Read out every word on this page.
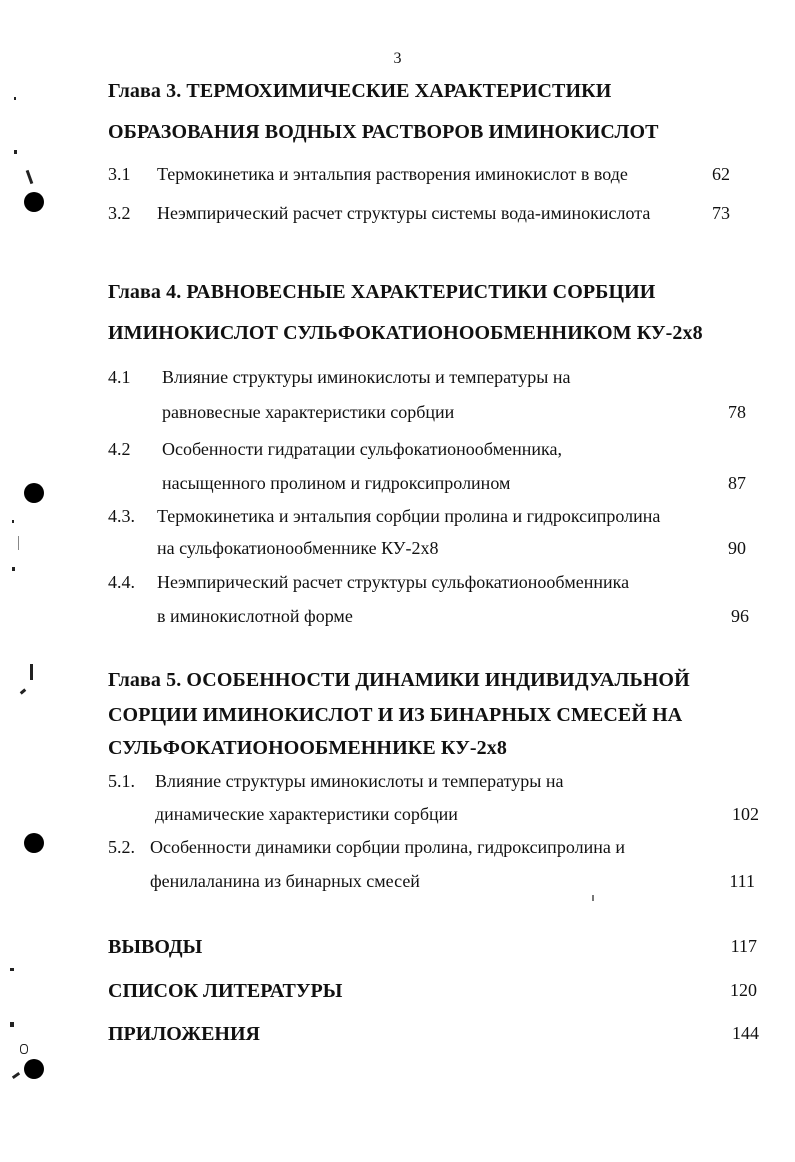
3
Глава 3. ТЕРМОХИМИЧЕСКИЕ ХАРАКТЕРИСТИКИ
ОБРАЗОВАНИЯ ВОДНЫХ РАСТВОРОВ ИМИНОКИСЛОТ
3.1 Термокинетика и энтальпия растворения иминокислот в воде	62
3.2 Неэмпирический расчет структуры системы вода-иминокислота	73
Глава 4. РАВНОВЕСНЫЕ ХАРАКТЕРИСТИКИ СОРБЦИИ
ИМИНОКИСЛОТ СУЛЬФОКАТИОНООБМЕННИКОМ КУ-2х8
4.1 Влияние структуры иминокислоты и температуры на
равновесные характеристики сорбции	78
4.2 Особенности гидратации сульфокатионообменника,
насыщенного пролином и гидроксипролином	87
4.3. Термокинетика и энтальпия сорбции пролина и гидроксипролина
на сульфокатионообменнике КУ-2х8	90
4.4. Неэмпирический расчет структуры сульфокатионообменника
в иминокислотной форме	96
Глава 5. ОСОБЕННОСТИ ДИНАМИКИ ИНДИВИДУАЛЬНОЙ
СОРЦИИ ИМИНОКИСЛОТ И ИЗ БИНАРНЫХ СМЕСЕЙ НА
СУЛЬФОКАТИОНООБМЕННИКЕ КУ-2х8
5.1. Влияние структуры иминокислоты и температуры на
динамические характеристики сорбции	102
5.2. Особенности динамики сорбции пролина, гидроксипролина и
фенилаланина из бинарных смесей	111
ВЫВОДЫ	117
СПИСОК ЛИТЕРАТУРЫ	120
ПРИЛОЖЕНИЯ	144
